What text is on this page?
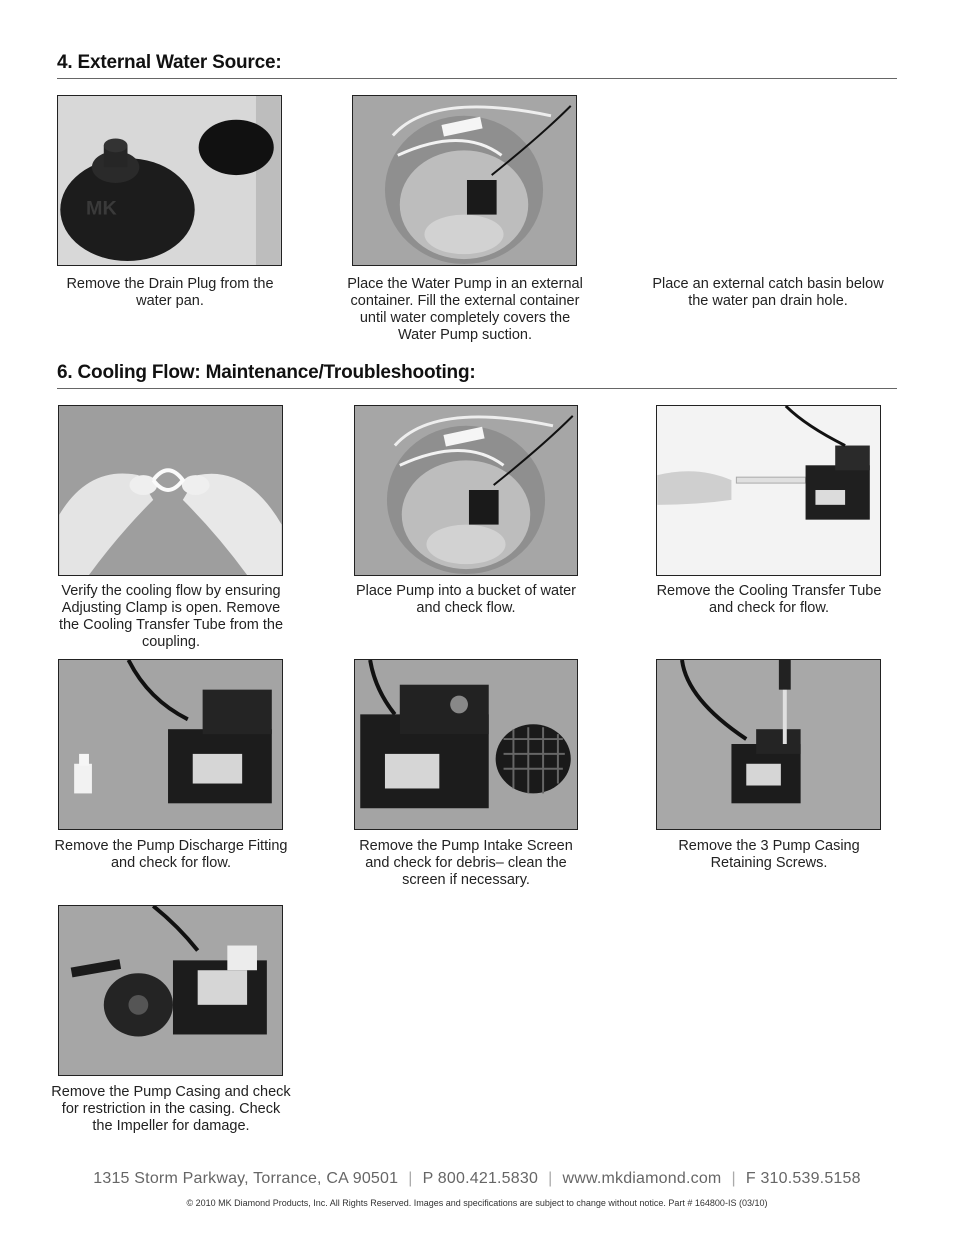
4. External Water Source:
MK
Remove the Drain Plug from the water pan.
Place the Water Pump in an external container. Fill the external container until water completely covers the Water Pump suction.
Place an external catch basin below the water pan drain hole.
6. Cooling Flow: Maintenance/Troubleshooting:
Verify the cooling flow by ensuring Adjusting Clamp is open. Remove the Cooling Transfer Tube from the coupling.
Place Pump into a bucket of water and check flow.
Remove the Cooling Transfer Tube and check for flow.
Remove the Pump Discharge Fitting and check for flow.
Remove the Pump Intake Screen and check for debris– clean the screen if necessary.
Remove the 3 Pump Casing Retaining Screws.
Remove the Pump Casing and check for restriction in the casing. Check the Impeller for damage.
1315 Storm Parkway, Torrance, CA 90501 | P 800.421.5830 | www.mkdiamond.com | F 310.539.5158
© 2010 MK Diamond Products, Inc. All Rights Reserved. Images and specifications are subject to change without notice. Part # 164800-IS (03/10)
